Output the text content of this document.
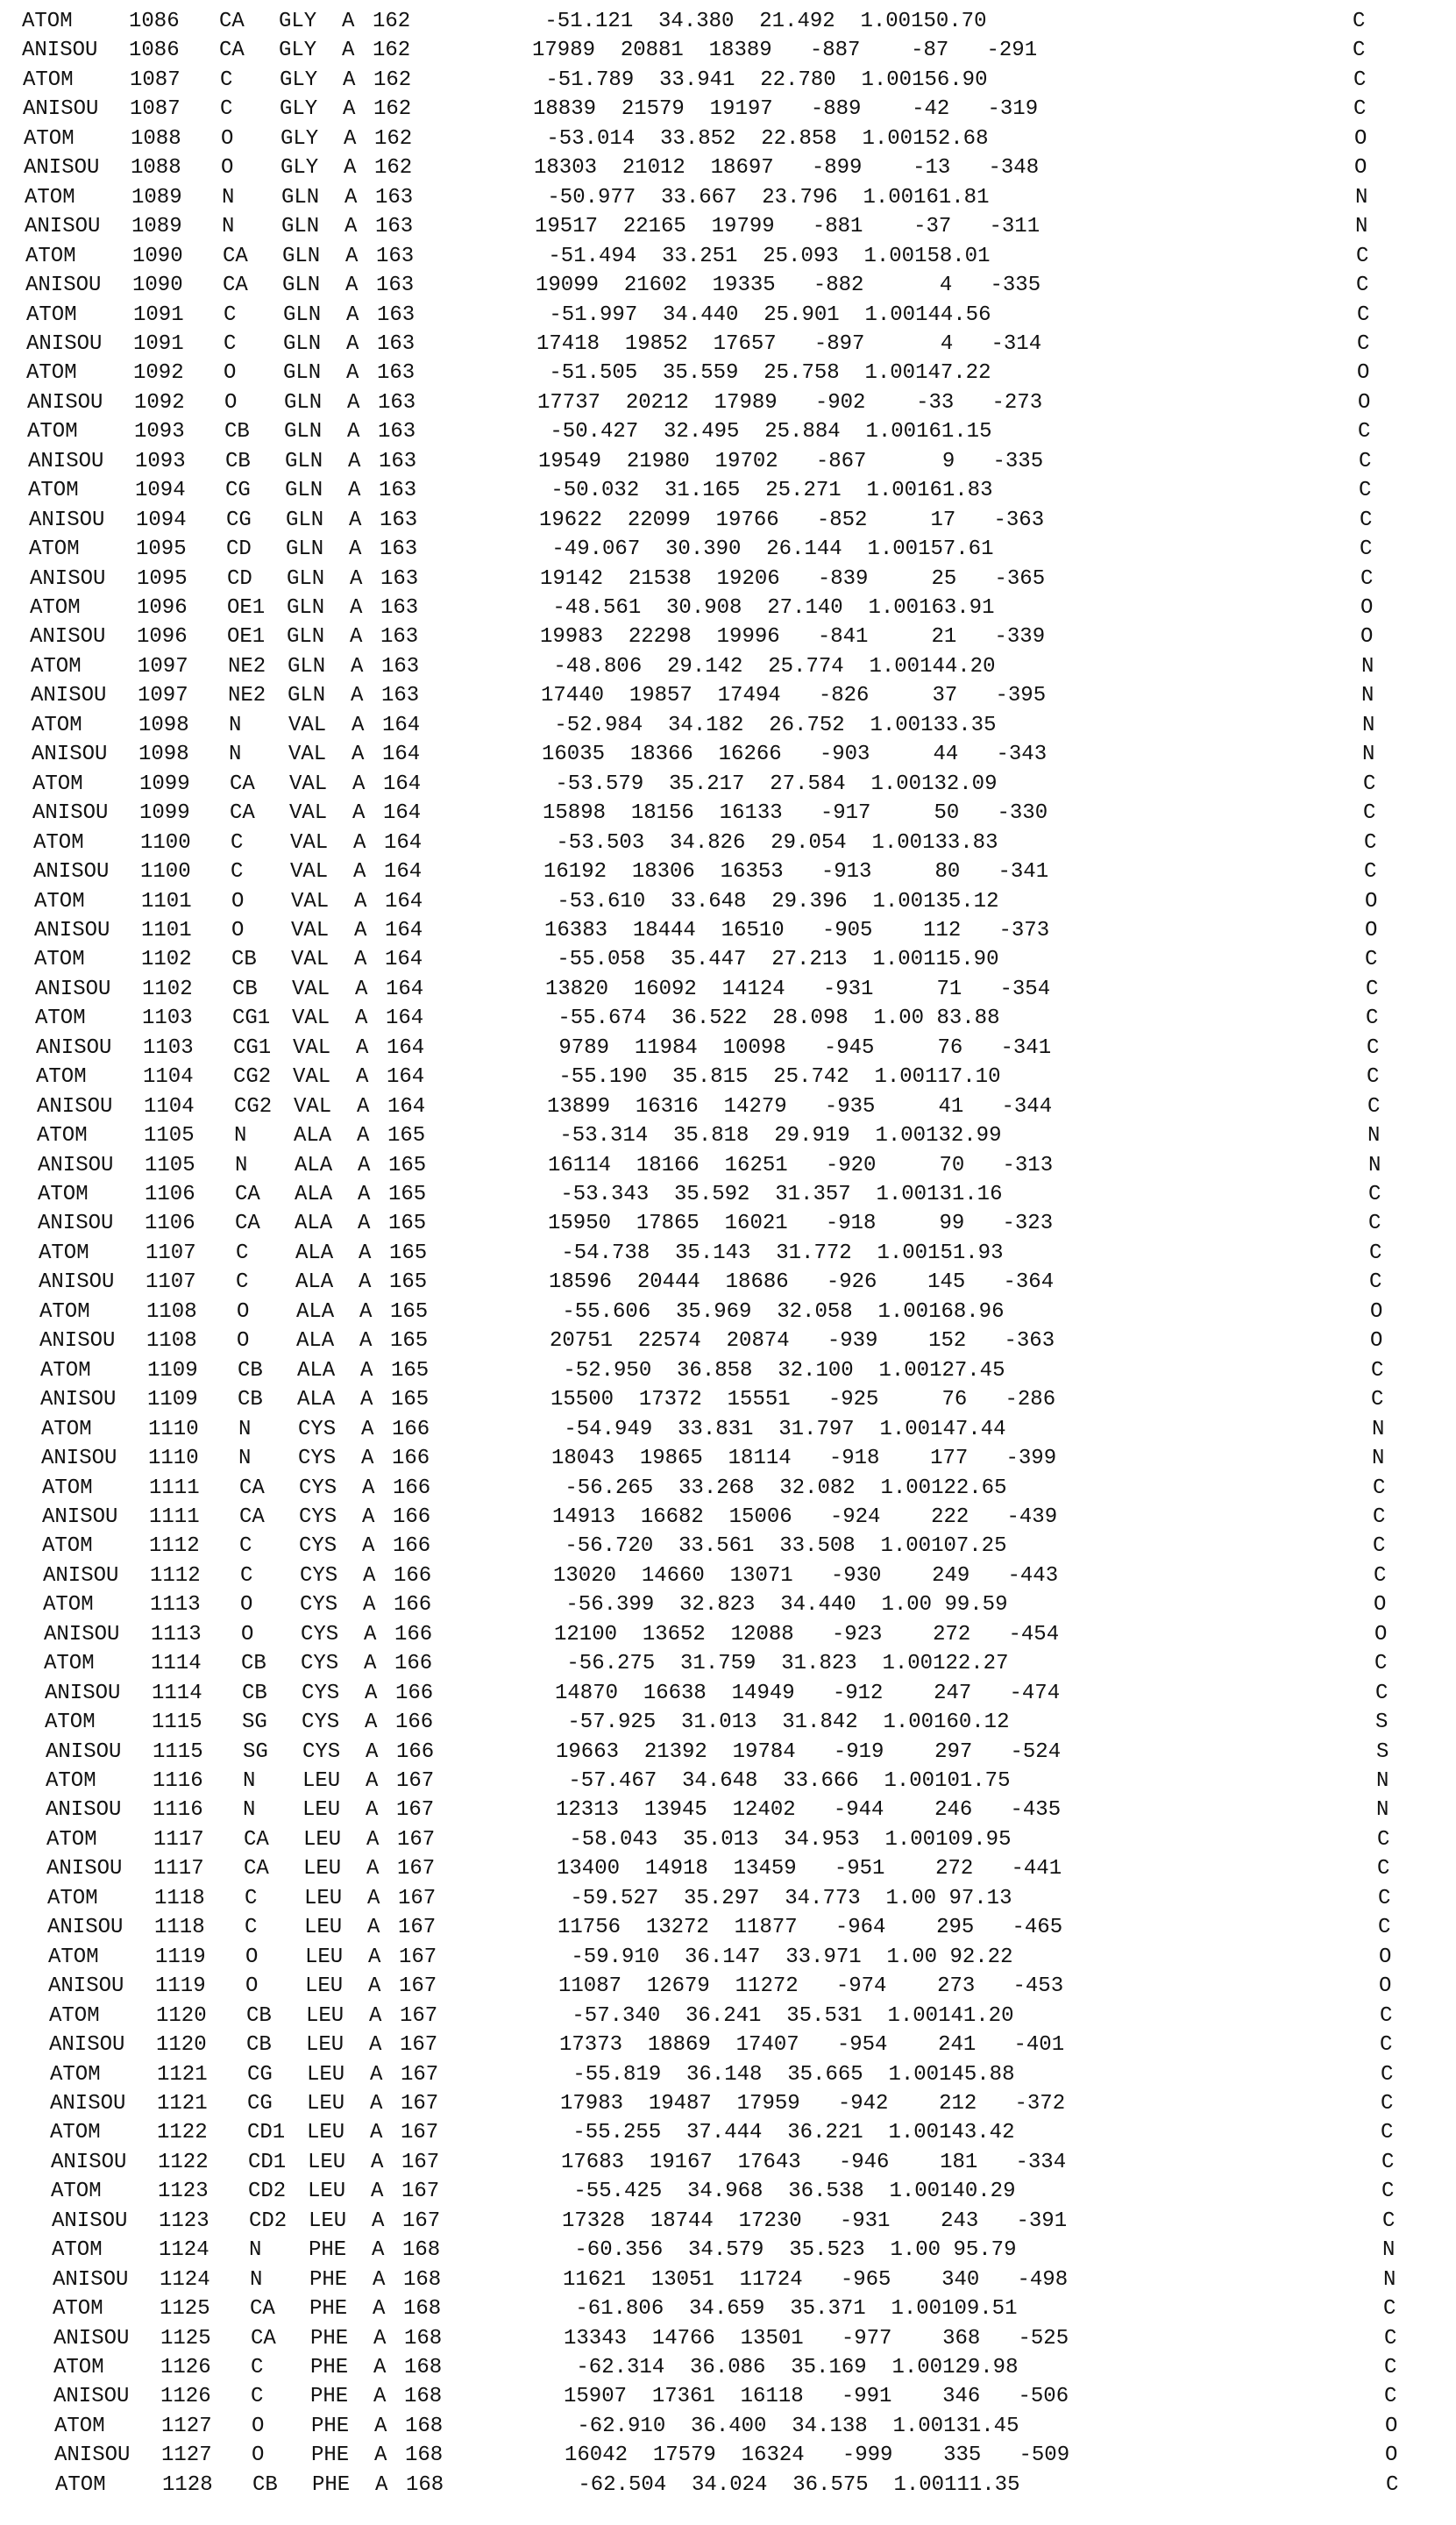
ATOM	1086 CA GLY A 162	-51.121  34.380  21.492  1.00150.70	C
ANISOU 1086 CA GLY A 162	17989  20881  18389   -887    -87   -291	C
ATOM	1087 C GLY A 162	-51.789  33.941  22.780  1.00156.90	C
ANISOU 1087 C GLY A 162	18839  21579  19197   -889    -42   -319	C
ATOM	1088 O GLY A 162	-53.014  33.852  22.858  1.00152.68	O
ANISOU 1088 O GLY A 162	18303  21012  18697   -899    -13   -348	O
ATOM	1089 N GLN A 163	-50.977  33.667  23.796  1.00161.81	N
ANISOU 1089 N GLN A 163	19517  22165  19799   -881    -37   -311	N
ATOM	1090 CA GLN A 163	-51.494  33.251  25.093  1.00158.01	C
ANISOU 1090 CA GLN A 163	19099  21602  19335   -882      4   -335	C
ATOM	1091 C GLN A 163	-51.997  34.440  25.901  1.00144.56	C
ANISOU 1091 C GLN A 163	17418  19852  17657   -897      4   -314	C
ATOM	1092 O GLN A 163	-51.505  35.559  25.758  1.00147.22	O
ANISOU 1092 O GLN A 163	17737  20212  17989   -902    -33   -273	O
ATOM	1093 CB GLN A 163	-50.427  32.495  25.884  1.00161.15	C
ANISOU 1093 CB GLN A 163	19549  21980  19702   -867      9   -335	C
ATOM	1094 CG GLN A 163	-50.032  31.165  25.271  1.00161.83	C
ANISOU 1094 CG GLN A 163	19622  22099  19766   -852     17   -363	C
ATOM	1095 CD GLN A 163	-49.067  30.390  26.144  1.00157.61	C
ANISOU 1095 CD GLN A 163	19142  21538  19206   -839     25   -365	C
ATOM	1096 OE1 GLN A 163	-48.561  30.908  27.140  1.00163.91	O
ANISOU 1096 OE1 GLN A 163	19983  22298  19996   -841     21   -339	O
ATOM	1097 NE2 GLN A 163	-48.806  29.142  25.774  1.00144.20	N
ANISOU 1097 NE2 GLN A 163	17440  19857  17494   -826     37   -395	N
ATOM	1098 N VAL A 164	-52.984  34.182  26.752  1.00133.35	N
ANISOU 1098 N VAL A 164	16035  18366  16266   -903     44   -343	N
ATOM	1099 CA VAL A 164	-53.579  35.217  27.584  1.00132.09	C
ANISOU 1099 CA VAL A 164	15898  18156  16133   -917     50   -330	C
ATOM	1100 C VAL A 164	-53.503  34.826  29.054  1.00133.83	C
ANISOU 1100 C VAL A 164	16192  18306  16353   -913     80   -341	C
ATOM	1101 O VAL A 164	-53.610  33.648  29.396  1.00135.12	O
ANISOU 1101 O VAL A 164	16383  18444  16510   -905    112   -373	O
ATOM	1102 CB VAL A 164	-55.058  35.447  27.213  1.00115.90	C
ANISOU 1102 CB VAL A 164	13820  16092  14124   -931     71   -354	C
ATOM	1103 CG1 VAL A 164	-55.674  36.522  28.098  1.00 83.88	C
ANISOU 1103 CG1 VAL A 164	9789  11984  10098   -945     76   -341	C
ATOM	1104 CG2 VAL A 164	-55.190  35.815  25.742  1.00117.10	C
ANISOU 1104 CG2 VAL A 164	13899  16316  14279   -935     41   -344	C
ATOM	1105 N ALA A 165	-53.314  35.818  29.919  1.00132.99	N
ANISOU 1105 N ALA A 165	16114  18166  16251   -920     70   -313	N
ATOM	1106 CA ALA A 165	-53.343  35.592  31.357  1.00131.16	C
ANISOU 1106 CA ALA A 165	15950  17865  16021   -918     99   -323	C
ATOM	1107 C ALA A 165	-54.738  35.143  31.772  1.00151.93	C
ANISOU 1107 C ALA A 165	18596  20444  18686   -926    145   -364	C
ATOM	1108 O ALA A 165	-55.606  35.969  32.058  1.00168.96	O
ANISOU 1108 O ALA A 165	20751  22574  20874   -939    152   -363	O
ATOM	1109 CB ALA A 165	-52.950  36.858  32.100  1.00127.45	C
ANISOU 1109 CB ALA A 165	15500  17372  15551   -925     76   -286	C
ATOM	1110 N CYS A 166	-54.949  33.831  31.797  1.00147.44	N
ANISOU 1110 N CYS A 166	18043  19865  18114   -918    177   -399	N
ATOM	1111 CA CYS A 166	-56.265  33.268  32.082  1.00122.65	C
ANISOU 1111 CA CYS A 166	14913  16682  15006   -924    222   -439	C
ATOM	1112 C CYS A 166	-56.720  33.561  33.508  1.00107.25	C
ANISOU 1112 C CYS A 166	13020  14660  13071   -930    249   -443	C
ATOM	1113 O CYS A 166	-56.399  32.823  34.440  1.00 99.59	O
ANISOU 1113 O CYS A 166	12100  13652  12088   -923    272   -454	O
ATOM	1114 CB CYS A 166	-56.275  31.759  31.823  1.00122.27	C
ANISOU 1114 CB CYS A 166	14870  16638  14949   -912    247   -474	C
ATOM	1115 SG CYS A 166	-57.925  31.013  31.842  1.00160.12	S
ANISOU 1115 SG CYS A 166	19663  21392  19784   -919    297   -524	S
ATOM	1116 N LEU A 167	-57.467  34.648  33.666  1.00101.75	N
ANISOU 1116 N LEU A 167	12313  13945  12402   -944    246   -435	N
ATOM	1117 CA LEU A 167	-58.043  35.013  34.953  1.00109.95	C
ANISOU 1117 CA LEU A 167	13400  14918  13459   -951    272   -441	C
ATOM	1118 C LEU A 167	-59.527  35.297  34.773  1.00 97.13	C
ANISOU 1118 C LEU A 167	11756  13272  11877   -964    295   -465	C
ATOM	1119 O LEU A 167	-59.910  36.147  33.971  1.00 92.22	O
ANISOU 1119 O LEU A 167	11087  12679  11272   -974    273   -453	O
ATOM	1120 CB LEU A 167	-57.340  36.241  35.531  1.00141.20	C
ANISOU 1120 CB LEU A 167	17373  18869  17407   -954    241   -401	C
ATOM	1121 CG LEU A 167	-55.819  36.148  35.665  1.00145.88	C
ANISOU 1121 CG LEU A 167	17983  19487  17959   -942    212   -372	C
ATOM	1122 CD1 LEU A 167	-55.255  37.444  36.221  1.00143.42	C
ANISOU 1122 CD1 LEU A 167	17683  19167  17643   -946    181   -334	C
ATOM	1123 CD2 LEU A 167	-55.425  34.968  36.538  1.00140.29	C
ANISOU 1123 CD2 LEU A 167	17328  18744  17230   -931    243   -391	C
ATOM	1124 N PHE A 168	-60.356  34.579  35.523  1.00 95.79	N
ANISOU 1124 N PHE A 168	11621  13051  11724   -965    340   -498	N
ATOM	1125 CA PHE A 168	-61.806  34.659  35.371  1.00109.51	C
ANISOU 1125 CA PHE A 168	13343  14766  13501   -977    368   -525	C
ATOM	1126 C PHE A 168	-62.314  36.086  35.169  1.00129.98	C
ANISOU 1126 C PHE A 168	15907  17361  16118   -991    346   -506	C
ATOM	1127 O PHE A 168	-62.910  36.400  34.138  1.00131.45	O
ANISOU 1127 O PHE A 168	16042  17579  16324   -999    335   -509	O
ATOM	1128 CB PHE A 168	-62.504  34.024  36.575  1.00111.35	C
